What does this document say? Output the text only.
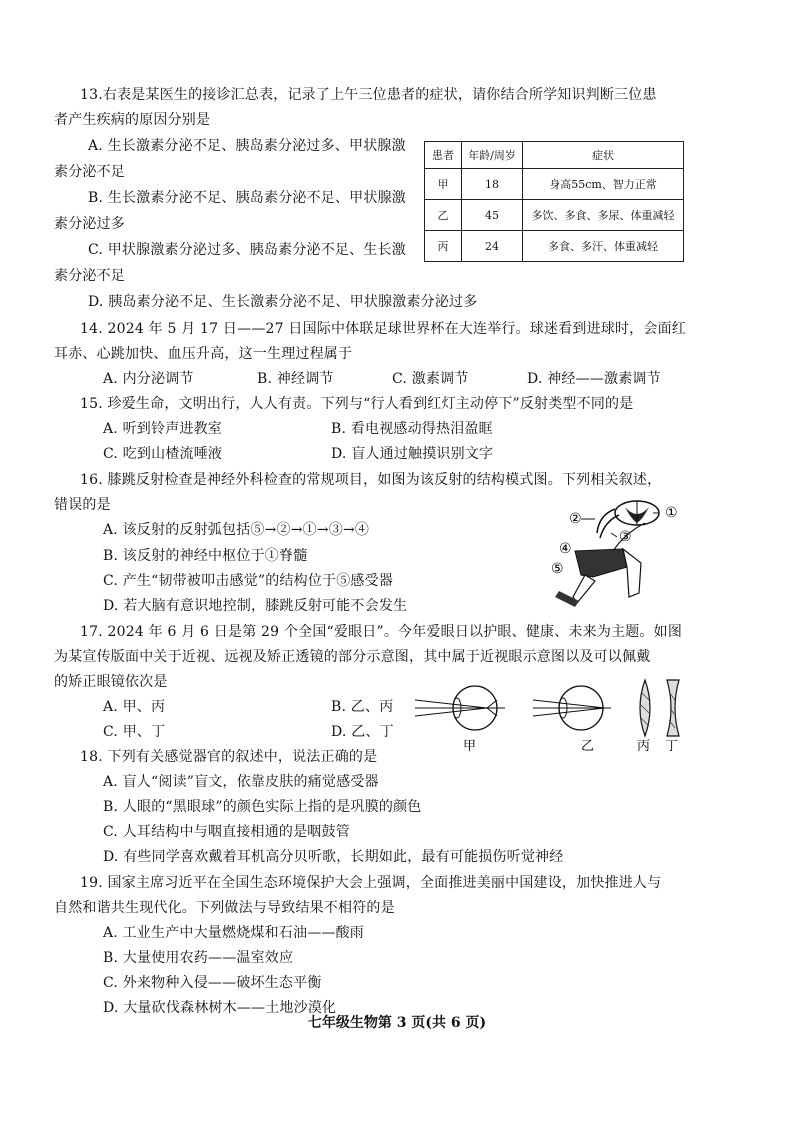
13.右表是某医生的接诊汇总表，记录了上午三位患者的症状，请你结合所学知识判断三位患
者产生疾病的原因分别是
A. 生长激素分泌不足、胰岛素分泌过多、甲状腺激
素分泌不足
B. 生长激素分泌不足、胰岛素分泌不足、甲状腺激
素分泌过多
C. 甲状腺激素分泌过多、胰岛素分泌不足、生长激
素分泌不足
D. 胰岛素分泌不足、生长激素分泌不足、甲状腺激素分泌过多
患者	年龄/周岁	症状
甲	18	身高55cm、智力正常
乙	45	多饮、多食、多尿、体重减轻
丙	24	多食、多汗、体重减轻
14. 2024 年 5 月 17 日——27 日国际中体联足球世界杯在大连举行。球迷看到进球时，会面红
耳赤、心跳加快、血压升高，这一生理过程属于
A. 内分泌调节	B. 神经调节	C. 激素调节	D. 神经——激素调节
15. 珍爱生命，文明出行，人人有责。下列与“行人看到红灯主动停下”反射类型不同的是
A. 听到铃声进教室	B. 看电视感动得热泪盈眶
C. 吃到山楂流唾液	D. 盲人通过触摸识别文字
16. 膝跳反射检查是神经外科检查的常规项目，如图为该反射的结构模式图。下列相关叙述，
错误的是
A. 该反射的反射弧包括⑤→②→①→③→④
B. 该反射的神经中枢位于①脊髓
C. 产生“韧带被叩击感觉”的结构位于⑤感受器
D. 若大脑有意识地控制，膝跳反射可能不会发生
①
②
③
④
⑤
17. 2024 年 6 月 6 日是第 29 个全国“爱眼日”。今年爱眼日以护眼、健康、未来为主题。如图
为某宣传版面中关于近视、远视及矫正透镜的部分示意图，其中属于近视眼示意图以及可以佩戴
的矫正眼镜依次是
A. 甲、丙	B. 乙、丙
C. 甲、丁	D. 乙、丁
甲	乙	丙 丁
18. 下列有关感觉器官的叙述中，说法正确的是
A. 盲人“阅读”盲文，依靠皮肤的痛觉感受器
B. 人眼的“黑眼球”的颜色实际上指的是巩膜的颜色
C. 人耳结构中与咽直接相通的是咽鼓管
D. 有些同学喜欢戴着耳机高分贝听歌，长期如此，最有可能损伤听觉神经
19. 国家主席习近平在全国生态环境保护大会上强调，全面推进美丽中国建设，加快推进人与
自然和谐共生现代化。下列做法与导致结果不相符的是
A. 工业生产中大量燃烧煤和石油——酸雨
B. 大量使用农药——温室效应
C. 外来物种入侵——破坏生态平衡
D. 大量砍伐森林树木——土地沙漠化
七年级生物第 3 页(共 6 页)
